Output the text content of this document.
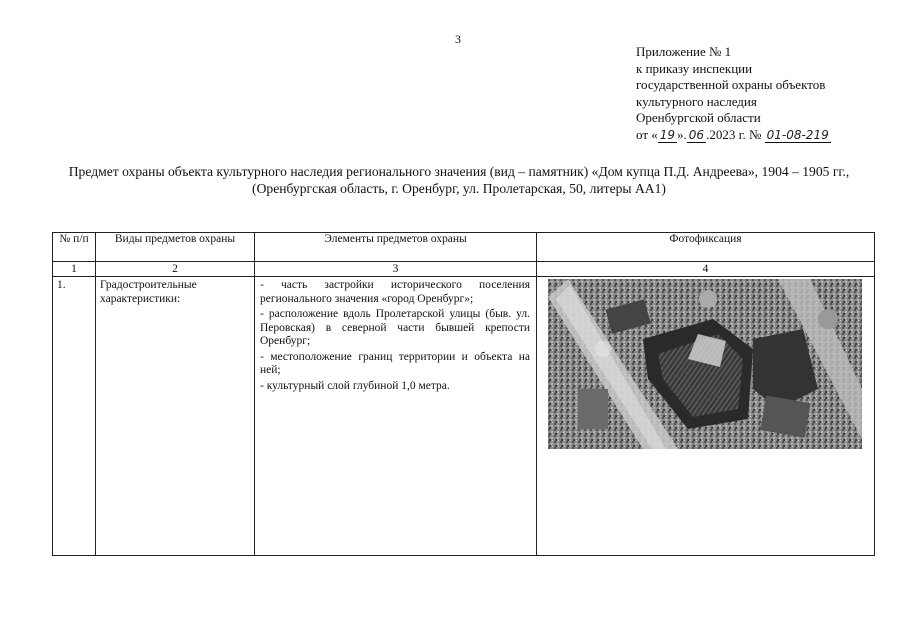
3
Приложение № 1
к приказу инспекции
государственной охраны объектов
культурного наследия
Оренбургской области
от « 19 ». 06 .2023 г. № 01-08-219
Предмет охраны объекта культурного наследия регионального значения (вид – памятник) «Дом купца П.Д. Андреева», 1904 – 1905 гг., (Оренбургская область, г. Оренбург, ул. Пролетарская, 50, литеры АА1)
№ п/п	Виды предметов охраны	Элементы предметов охраны	Фотофиксация
1	2	3	4

1.	Градостроительные характеристики:	- часть застройки исторического поселения регионального значения «город Оренбург»;
- расположение вдоль Пролетарской улицы (быв. ул. Перовская) в северной части бывшей крепости Оренбург;
- местоположение границ территории и объекта на ней;
- культурный слой глубиной 1,0 метра.
